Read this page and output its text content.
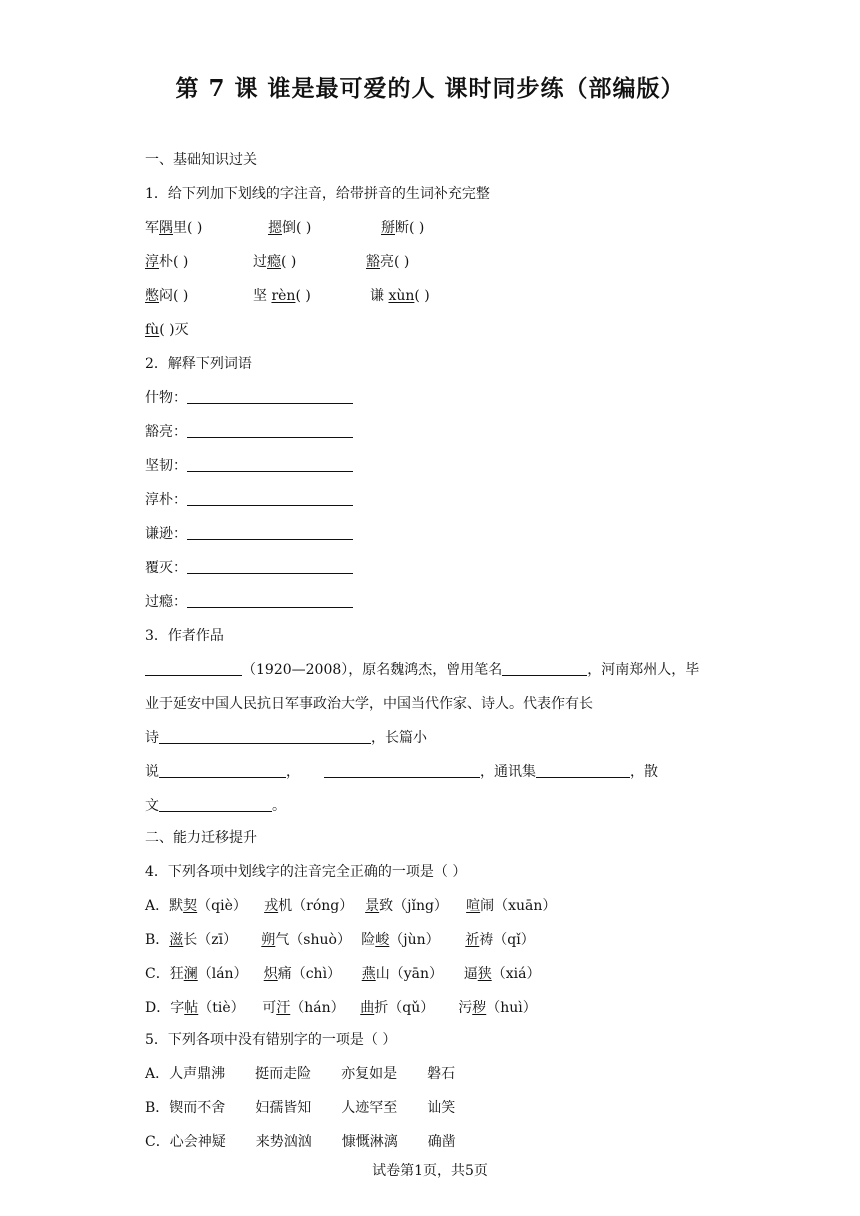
第 7 课 谁是最可爱的人 课时同步练（部编版）
一、基础知识过关
1．给下列加下划线的字注音，给带拼音的生词补充完整
军隅里( )	摁倒( )	掰断( )
淳朴( )	过瘾( )	豁亮( )
憋闷( )	坚 rèn( )	谦 xùn( )
fù( )灭
2．解释下列词语
什物：
豁亮：
坚韧：
淳朴：
谦逊：
覆灭：
过瘾：
3．作者作品
（1920—2008），原名魏鸿杰，曾用笔名	，河南郑州人，毕
业于延安中国人民抗日军事政治大学，中国当代作家、诗人。代表作有长
诗	，长篇小
说	，	，通讯集	，散
文	。
二、能力迁移提升
4．下列各项中划线字的注音完全正确的一项是（ ）
A．默契（qiè） 戎机（róng） 景致（jǐng） 喧闹（xuān）
B．滋长（zī） 朔气（shuò） 险峻（jùn） 祈祷（qǐ）
C．狂澜（lán） 炽痛（chì） 燕山（yān） 逼狭（xiá）
D．字帖（tiè） 可汗（hán） 曲折（qǔ） 污秽（huì）
5．下列各项中没有错别字的一项是（ ）
A．人声鼎沸 挺而走险 亦复如是 磐石
B．锲而不舍 妇孺皆知 人迹罕至 讪笑
C．心会神疑 来势汹汹 慷慨淋漓 确凿
试卷第1页，共5页
